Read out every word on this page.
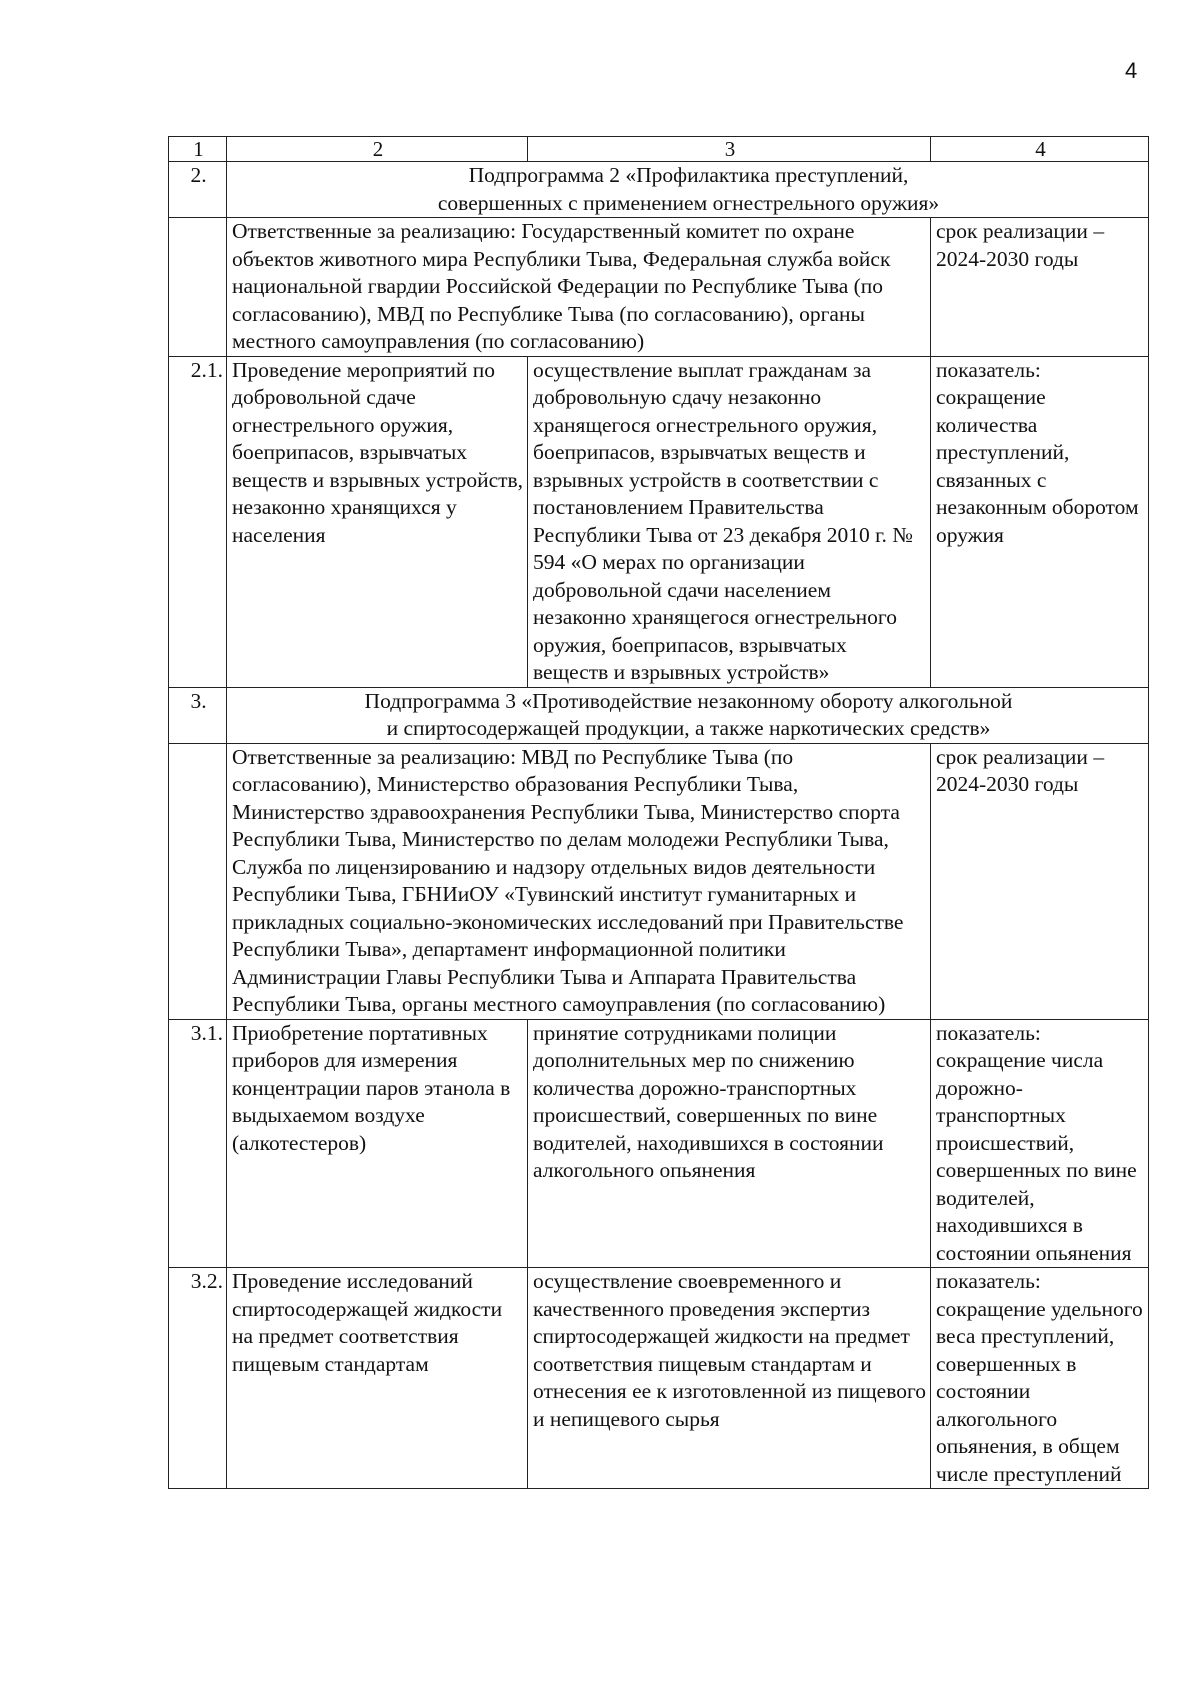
4
1	2	3	4
2.	Подпрограмма 2 «Профилактика преступлений,
совершенных с применением огнестрельного оружия»		

	Ответственные за реализацию: Государственный комитет по охране объектов животного мира Республики Тыва, Федеральная служба войск национальной гвардии Российской Федерации по Республике Тыва (по согласованию), МВД по Республике Тыва (по согласованию), органы местного самоуправления (по согласованию)		срок реализации – 2024-2030 годы
2.1.	Проведение мероприятий по добровольной сдаче огнестрельного оружия, боеприпасов, взрывчатых веществ и взрывных устройств, незаконно хранящихся у населения	осуществление выплат гражданам за добровольную сдачу незаконно хранящегося огнестрельного оружия, боеприпасов, взрывчатых веществ и взрывных устройств в соответствии с постановлением Правительства Республики Тыва от 23 декабря 2010 г. № 594 «О мерах по организации добровольной сдачи населением незаконно хранящегося огнестрельного оружия, боеприпасов, взрывчатых веществ и взрывных устройств»	показатель: сокращение количества преступлений, связанных с незаконным оборотом оружия
3.	Подпрограмма 3 «Противодействие незаконному обороту алкогольной
и спиртосодержащей продукции, а также наркотических средств»		

	Ответственные за реализацию: МВД по Республике Тыва (по согласованию), Министерство образования Республики Тыва, Министерство здравоохранения Республики Тыва, Министерство спорта Республики Тыва, Министерство по делам молодежи Республики Тыва, Служба по лицензированию и надзору отдельных видов деятельности Республики Тыва, ГБНИиОУ «Тувинский институт гуманитарных и прикладных социально-экономических исследований при Правительстве Республики Тыва», департамент информационной политики Администрации Главы Республики Тыва и Аппарата Правительства Республики Тыва, органы местного самоуправления (по согласованию)		срок реализации – 2024-2030 годы
3.1.	Приобретение портативных приборов для измерения концентрации паров этанола в выдыхаемом воздухе (алкотестеров)	принятие сотрудниками полиции дополнительных мер по снижению количества дорожно-транспортных происшествий, совершенных по вине водителей, находившихся в состоянии алкогольного опьянения	показатель: сокращение числа дорожно-транспортных происшествий, совершенных по вине водителей, находившихся в состоянии опьянения
3.2.	Проведение исследований спиртосодержащей жидкости на предмет соответствия пищевым стандартам	осуществление своевременного и качественного проведения экспертиз спиртосодержащей жидкости на предмет соответствия пищевым стандартам и отнесения ее к изготовленной из пищевого и непищевого сырья	показатель: сокращение удельного веса преступлений, совершенных в состоянии алкогольного опьянения, в общем числе преступлений
